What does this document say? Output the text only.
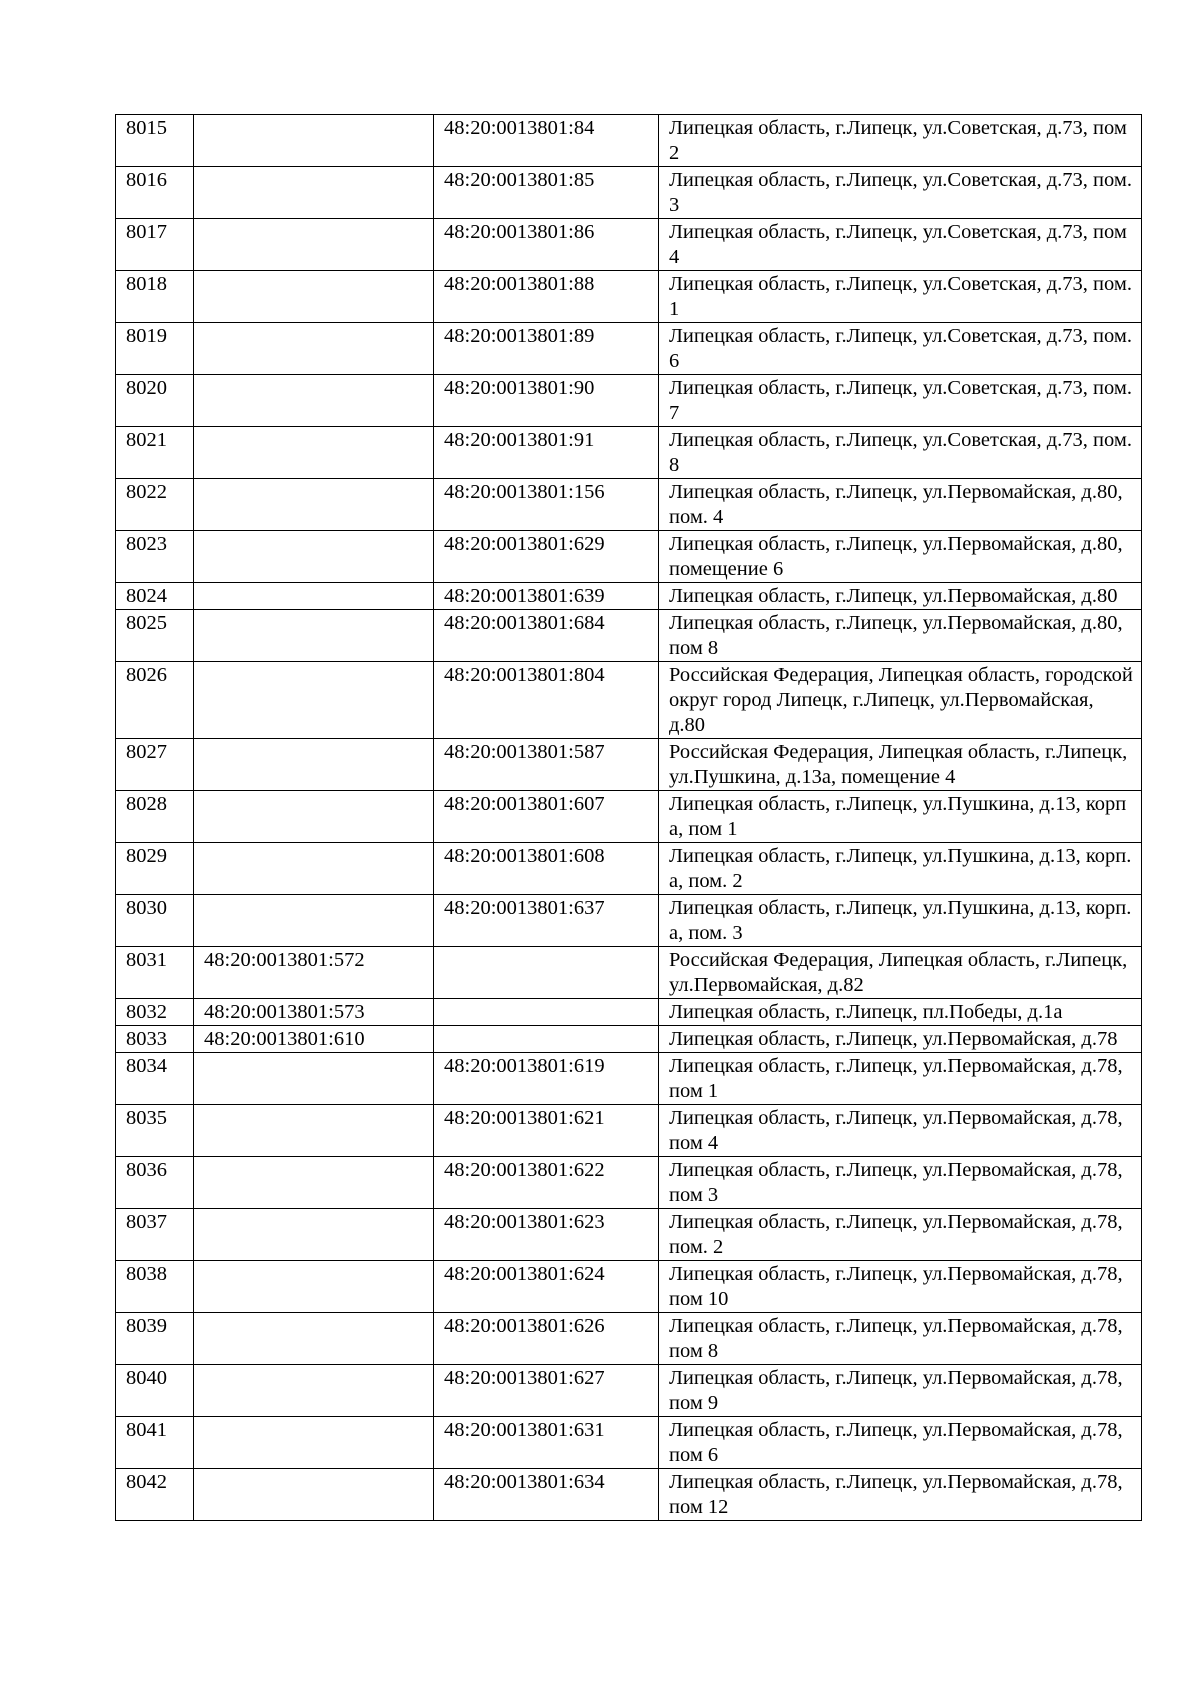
8015		48:20:0013801:84	Липецкая область, г.Липецк, ул.Советская, д.73, пом 2
8016		48:20:0013801:85	Липецкая область, г.Липецк, ул.Советская, д.73, пом. 3
8017		48:20:0013801:86	Липецкая область, г.Липецк, ул.Советская, д.73, пом 4
8018		48:20:0013801:88	Липецкая область, г.Липецк, ул.Советская, д.73, пом. 1
8019		48:20:0013801:89	Липецкая область, г.Липецк, ул.Советская, д.73, пом. 6
8020		48:20:0013801:90	Липецкая область, г.Липецк, ул.Советская, д.73, пом. 7
8021		48:20:0013801:91	Липецкая область, г.Липецк, ул.Советская, д.73, пом. 8
8022		48:20:0013801:156	Липецкая область, г.Липецк, ул.Первомайская, д.80, пом. 4
8023		48:20:0013801:629	Липецкая область, г.Липецк, ул.Первомайская, д.80, помещение 6
8024		48:20:0013801:639	Липецкая область, г.Липецк, ул.Первомайская, д.80
8025		48:20:0013801:684	Липецкая область, г.Липецк, ул.Первомайская, д.80, пом 8
8026		48:20:0013801:804	Российская Федерация, Липецкая область, городской округ город Липецк, г.Липецк, ул.Первомайская, д.80
8027		48:20:0013801:587	Российская Федерация, Липецкая область, г.Липецк, ул.Пушкина, д.13а, помещение 4
8028		48:20:0013801:607	Липецкая область, г.Липецк, ул.Пушкина, д.13, корп а, пом 1
8029		48:20:0013801:608	Липецкая область, г.Липецк, ул.Пушкина, д.13, корп. а, пом. 2
8030		48:20:0013801:637	Липецкая область, г.Липецк, ул.Пушкина, д.13, корп. а, пом. 3
8031	48:20:0013801:572		Российская Федерация, Липецкая область, г.Липецк, ул.Первомайская, д.82
8032	48:20:0013801:573		Липецкая область, г.Липецк, пл.Победы, д.1а
8033	48:20:0013801:610		Липецкая область, г.Липецк, ул.Первомайская, д.78
8034		48:20:0013801:619	Липецкая область, г.Липецк, ул.Первомайская, д.78, пом 1
8035		48:20:0013801:621	Липецкая область, г.Липецк, ул.Первомайская, д.78, пом 4
8036		48:20:0013801:622	Липецкая область, г.Липецк, ул.Первомайская, д.78, пом 3
8037		48:20:0013801:623	Липецкая область, г.Липецк, ул.Первомайская, д.78, пом. 2
8038		48:20:0013801:624	Липецкая область, г.Липецк, ул.Первомайская, д.78, пом 10
8039		48:20:0013801:626	Липецкая область, г.Липецк, ул.Первомайская, д.78, пом 8
8040		48:20:0013801:627	Липецкая область, г.Липецк, ул.Первомайская, д.78, пом 9
8041		48:20:0013801:631	Липецкая область, г.Липецк, ул.Первомайская, д.78, пом 6
8042		48:20:0013801:634	Липецкая область, г.Липецк, ул.Первомайская, д.78, пом 12
